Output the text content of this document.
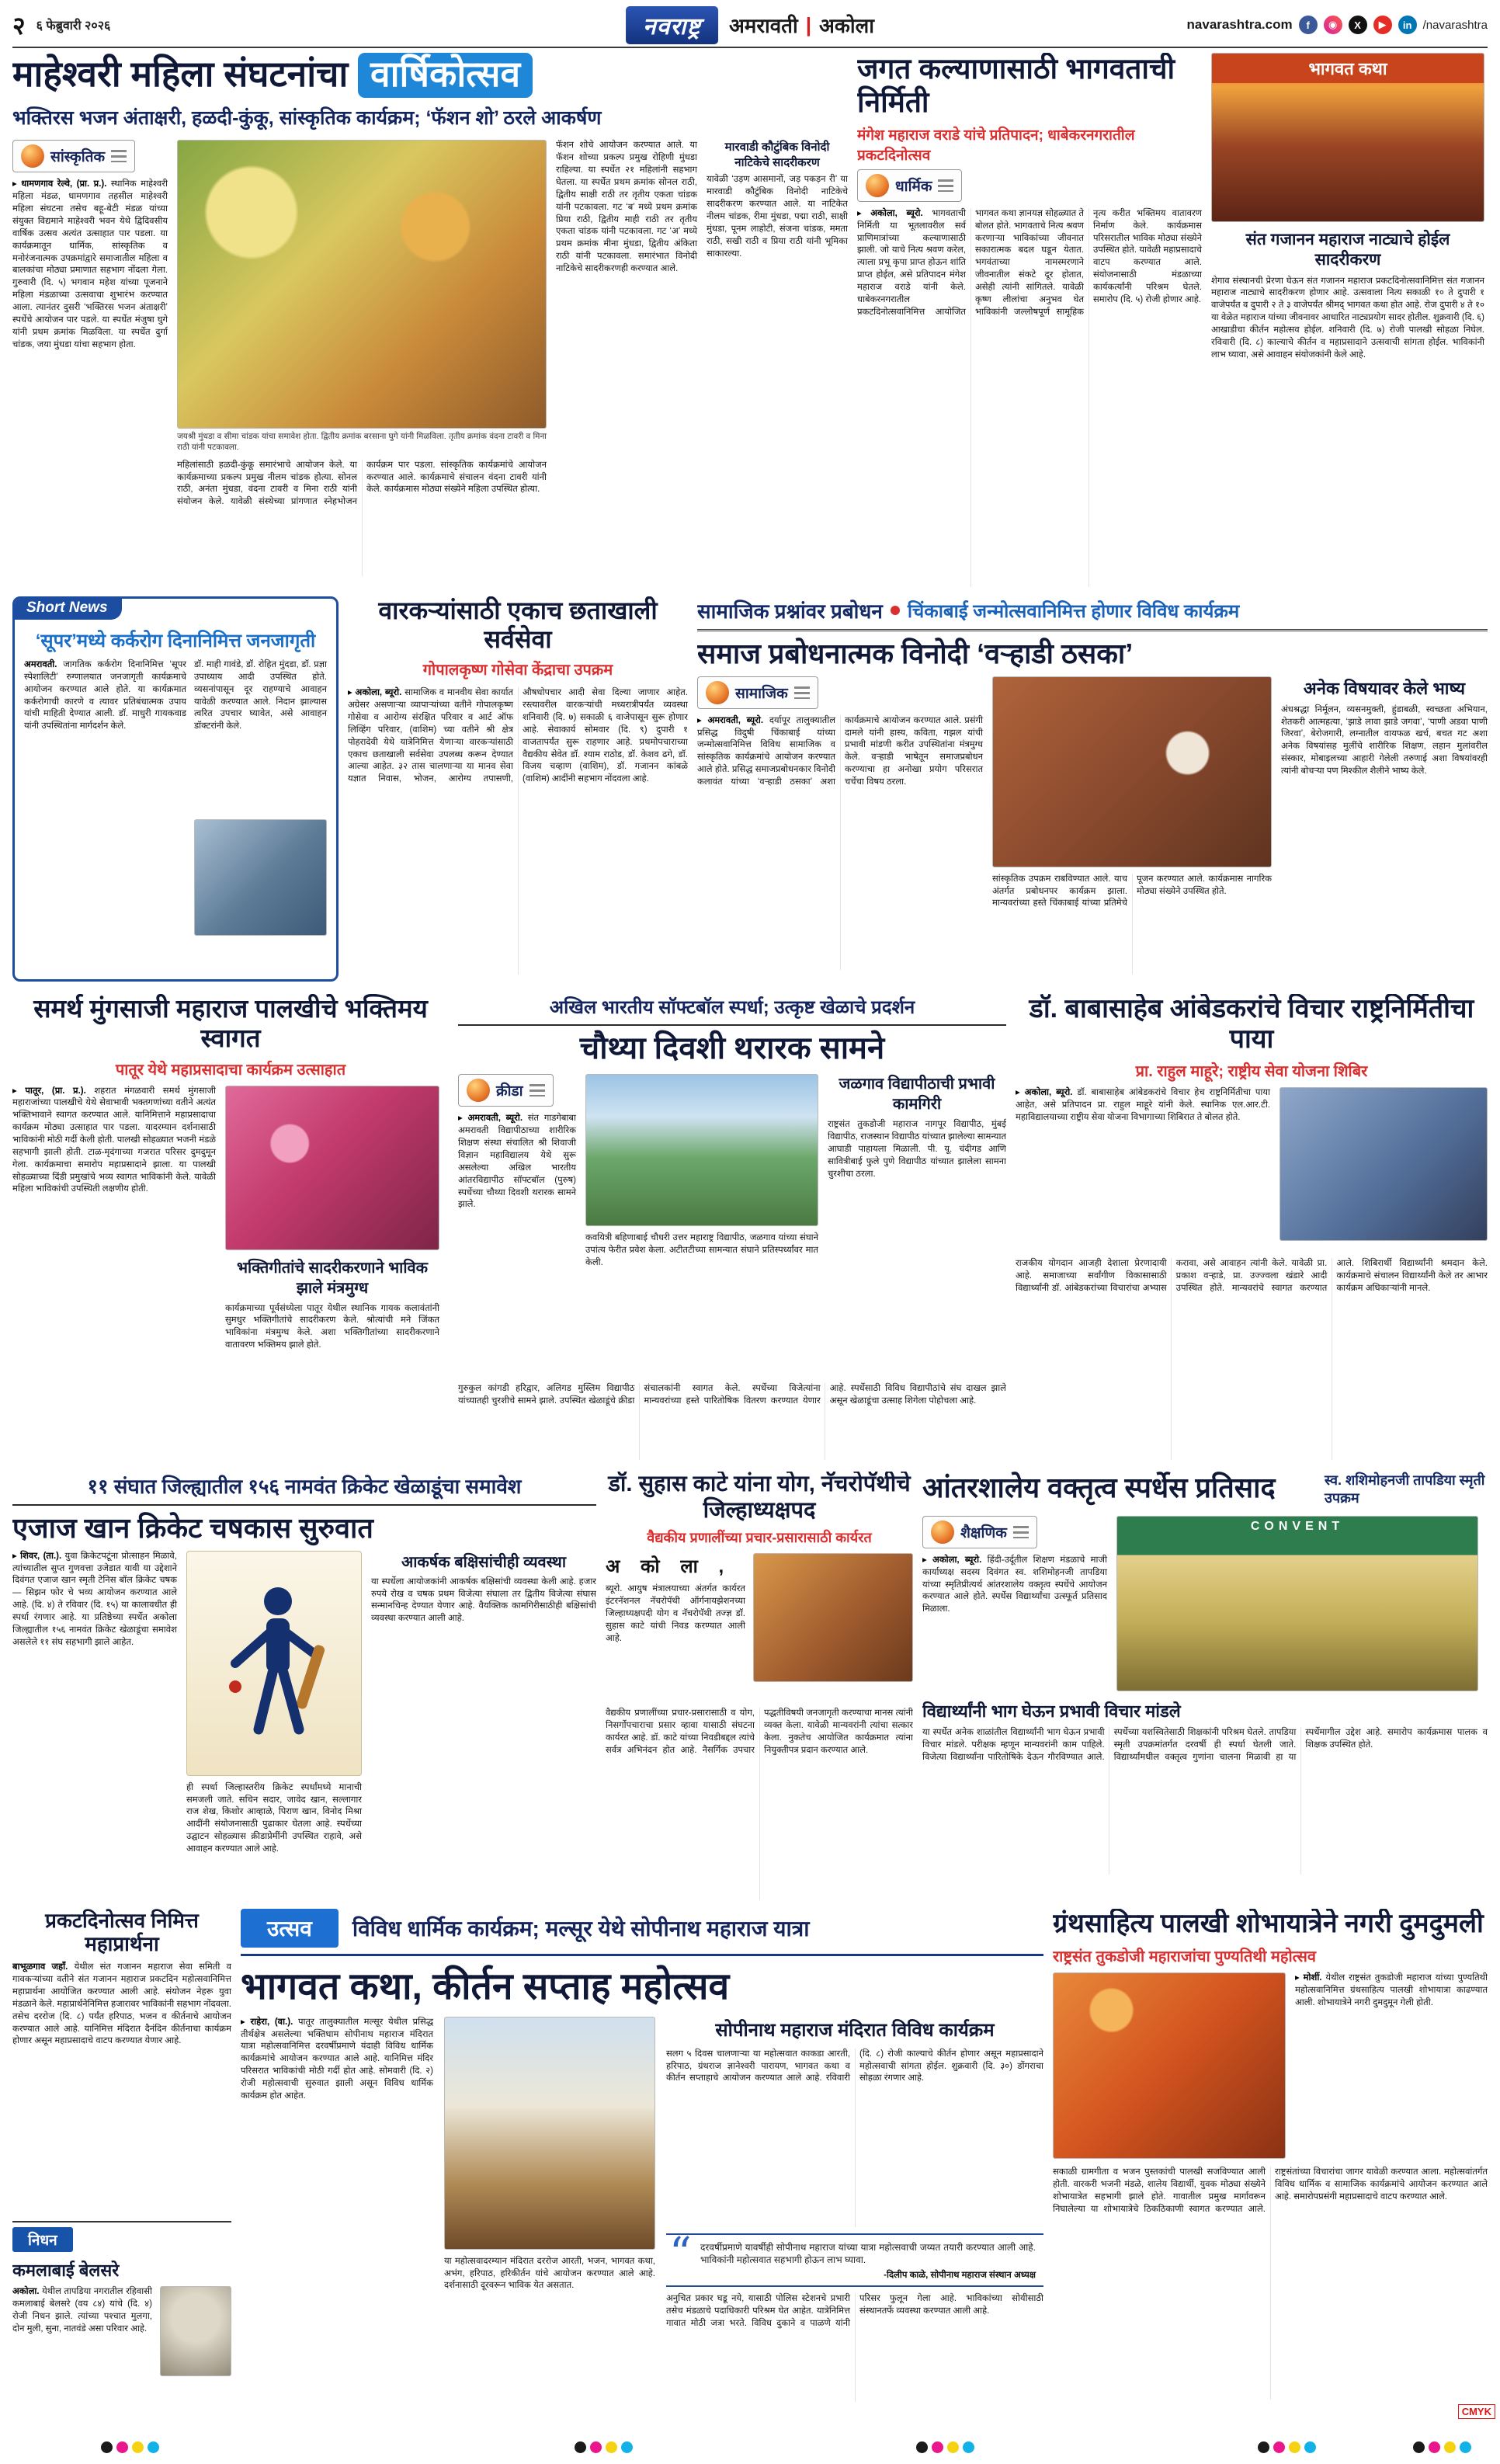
२ ६ फेब्रुवारी २०२६	नवराष्ट्र	अमरावती | अकोला	navarashtra.com	f	◉	X	▶	in /navarashtra
माहेश्वरी महिला संघटनांचा वार्षिकोत्सव
भक्तिरस भजन अंताक्षरी, हळदी-कुंकू, सांस्कृतिक कार्यक्रम; ‘फॅशन शो’ ठरले आकर्षण
सांस्कृतिक

▸ धामणगाव रेल्वे, (प्रा. प्र.). स्थानिक माहेश्वरी महिला मंडळ, धामणगाव तहसील माहेश्वरी महिला संघटना तसेच बहू-बेटी मंडळ यांच्या संयुक्त विद्यमाने माहेश्वरी भवन येथे द्विदिवसीय वार्षिक उत्सव अत्यंत उत्साहात पार पडला. या कार्यक्रमातून धार्मिक, सांस्कृतिक व मनोरंजनात्मक उपक्रमांद्वारे समाजातील महिला व बालकांचा मोठ्या प्रमाणात सहभाग नोंदला गेला. गुरुवारी (दि. ५) भगवान महेश यांच्या पूजनाने महिला मंडळाच्या उत्सवाचा शुभारंभ करण्यात आला. त्यानंतर दुसरी ‘भक्तिरस भजन अंताक्षरी’ स्पर्धेचे आयोजन पार पडले. या स्पर्धेत मंजुषा घुगे यांनी प्रथम क्रमांक मिळविला. या स्पर्धेत दुर्गा चांडक, जया मुंधडा यांचा सहभाग होता.

जयश्री मुंधडा व सीमा चांडक यांचा समावेश होता. द्वितीय क्रमांक बरसाना घुगे यांनी मिळविला. तृतीय क्रमांक वंदना टावरी व मिना राठी यांनी पटकावला.
महिलांसाठी हळदी-कुंकू समारंभाचे आयोजन केले. या कार्यक्रमाच्या प्रकल्प प्रमुख नीलम चांडक होत्या. सोनल राठी, अनंता मुंधडा, वंदना टावरी व मिना राठी यांनी संयोजन केले. यावेळी संस्थेच्या प्रांगणात स्नेहभोजन कार्यक्रम पार पडला. सांस्कृतिक कार्यक्रमांचे आयोजन करण्यात आले. कार्यक्रमाचे संचालन वंदना टावरी यांनी केले. कार्यक्रमास मोठ्या संख्येने महिला उपस्थित होत्या.

फॅशन शोचे आयोजन करण्यात आले. या फॅशन शोच्या प्रकल्प प्रमुख रोहिणी मुंधडा राहिल्या. या स्पर्धेत २१ महिलांनी सहभाग घेतला. या स्पर्धेत प्रथम क्रमांक सोनल राठी, द्वितीय साक्षी राठी तर तृतीय एकता चांडक यांनी पटकावला. गट ‘ब’ मध्ये प्रथम क्रमांक प्रिया राठी, द्वितीय माही राठी तर तृतीय एकता चांडक यांनी पटकावला. गट ‘अ’ मध्ये प्रथम क्रमांक मीना मुंधडा, द्वितीय अंकिता राठी यांनी पटकावला. समारंभात विनोदी नाटिकेचे सादरीकरणही करण्यात आले.

मारवाडी कौटुंबिक विनोदी नाटिकेचे सादरीकरण

यावेळी ‘उड़ण आसमानों, जड़ पकड़न री’ या मारवाडी कौटुंबिक विनोदी नाटिकेचे सादरीकरण करण्यात आले. या नाटिकेत नीलम चांडक, रीमा मुंधडा, पद्मा राठी, साक्षी मुंधडा, पूनम लाहोटी, संजना चांडक, ममता राठी, सखी राठी व प्रिया राठी यांनी भूमिका साकारल्या.

जगत कल्याणासाठी भागवताची निर्मिती
मंगेश महाराज वराडे यांचे प्रतिपादन; धाबेकरनगरातील प्रकटदिनोत्सव
धार्मिक
▸ अकोला, ब्यूरो. भागवताची निर्मिती या भूतलावरील सर्व प्राणिमात्रांच्या कल्याणासाठी झाली. जो याचे नित्य श्रवण करेल, त्याला प्रभू कृपा प्राप्त होऊन शांति प्राप्त होईल, असे प्रतिपादन मंगेश महाराज वराडे यांनी केले. धाबेकरनगरातील प्रकटदिनोत्सवानिमित्त आयोजित भागवत कथा ज्ञानयज्ञ सोहळ्यात ते बोलत होते. भागवताचे नित्य श्रवण करणाऱ्या भाविकांच्या जीवनात सकारात्मक बदल घडून येतात. भगवंताच्या नामस्मरणाने जीवनातील संकटे दूर होतात, असेही त्यांनी सांगितले. यावेळी कृष्ण लीलांचा अनुभव घेत भाविकांनी जल्लोषपूर्ण सामूहिक नृत्य करीत भक्तिमय वातावरण निर्माण केले. कार्यक्रमास परिसरातील भाविक मोठ्या संख्येने उपस्थित होते. यावेळी महाप्रसादाचे वाटप करण्यात आले. संयोजनासाठी मंडळाच्या कार्यकर्त्यांनी परिश्रम घेतले. समारोप (दि. ५) रोजी होणार आहे.
भागवत कथा
संत गजानन महाराज नाट्याचे होईल सादरीकरण

शेगाव संस्थानची प्रेरणा घेऊन संत गजानन महाराज प्रकटदिनोत्सवानिमित्त संत गजानन महाराज नाट्याचे सादरीकरण होणार आहे. उत्सवाला नित्य सकाळी १० ते दुपारी १ वाजेपर्यंत व दुपारी २ ते ३ वाजेपर्यंत श्रीमद् भागवत कथा होत आहे. रोज दुपारी ४ ते १० या वेळेत महाराज यांच्या जीवनावर आधारित नाट्यप्रयोग सादर होतील. शुक्रवारी (दि. ६) आखाडीचा कीर्तन महोत्सव होईल. शनिवारी (दि. ७) रोजी पालखी सोहळा निघेल. रविवारी (दि. ८) काल्याचे कीर्तन व महाप्रसादाने उत्सवाची सांगता होईल. भाविकांनी लाभ घ्यावा, असे आवाहन संयोजकांनी केले आहे.

Short News
‘सूपर’मध्ये कर्करोग दिनानिमित्त जनजागृती

अमरावती. जागतिक कर्करोग दिनानिमित्त ‘सूपर स्पेशालिटी’ रुग्णालयात जनजागृती कार्यक्रमाचे आयोजन करण्यात आले होते. या कार्यक्रमात कर्करोगाची कारणे व त्यावर प्रतिबंधात्मक उपाय यांची माहिती देण्यात आली. डॉ. माधुरी गायकवाड यांनी उपस्थितांना मार्गदर्शन केले.

डॉ. माही गावंडे, डॉ. रोहित मुंदडा, डॉ. प्रज्ञा उपाध्याय आदी उपस्थित होते. व्यसनांपासून दूर राहण्याचे आवाहन यावेळी करण्यात आले. निदान झाल्यास त्वरित उपचार घ्यावेत, असे आवाहन डॉक्टरांनी केले.

वारकऱ्यांसाठी एकाच छताखाली सर्वसेवा
गोपालकृष्ण गोसेवा केंद्राचा उपक्रम
▸ अकोला, ब्यूरो. सामाजिक व मानवीय सेवा कार्यात अग्रेसर असणाऱ्या व्यापाऱ्यांच्या वतीने गोपालकृष्ण गोसेवा व आरोग्य संरक्षित परिवार व आर्ट ऑफ लिव्हिंग परिवार, (वाशिम) च्या वतीने श्री क्षेत्र पोहरादेवी येथे यात्रेनिमित्त येणाऱ्या वारकऱ्यांसाठी एकाच छताखाली सर्वसेवा उपलब्ध करून देण्यात आल्या आहेत. ३२ तास चालणाऱ्या या मानव सेवा यज्ञात निवास, भोजन, आरोग्य तपासणी, औषधोपचार आदी सेवा दिल्या जाणार आहेत. रस्त्यावरील वारकऱ्यांची मध्यरात्रीपर्यंत व्यवस्था शनिवारी (दि. ७) सकाळी ६ वाजेपासून सुरू होणार आहे. सेवाकार्य सोमवार (दि. ९) दुपारी १ वाजतापर्यंत सुरू राहणार आहे. प्रथमोपचाराच्या वैद्यकीय सेवेत डॉ. श्याम राठोड, डॉ. केशव ढगे, डॉ. विजय चव्हाण (वाशिम), डॉ. गजानन कांबळे (वाशिम) आदींनी सहभाग नोंदवला आहे.
सामाजिक प्रश्नांवर प्रबोधन चिंकाबाई जन्मोत्सवानिमित्त होणार विविध कार्यक्रम
समाज प्रबोधनात्मक विनोदी ‘वऱ्हाडी ठसका’
सामाजिक
▸ अमरावती, ब्यूरो. दर्यापूर तालुक्यातील प्रसिद्ध विदुषी चिंकाबाई यांच्या जन्मोत्सवानिमित्त विविध सामाजिक व सांस्कृतिक कार्यक्रमांचे आयोजन करण्यात आले होते. प्रसिद्ध समाजप्रबोधनकार विनोदी कलावंत यांच्या ‘वऱ्हाडी ठसका’ अशा कार्यक्रमाचे आयोजन करण्यात आले. प्रसंगी दामले यांनी हास्य, कविता, गझल यांची प्रभावी मांडणी करीत उपस्थितांना मंत्रमुग्ध केले. वऱ्हाडी भाषेतून समाजप्रबोधन करण्याचा हा अनोखा प्रयोग परिसरात चर्चेचा विषय ठरला.
सांस्कृतिक उपक्रम राबविण्यात आले. याच अंतर्गत प्रबोधनपर कार्यक्रम झाला. मान्यवरांच्या हस्ते चिंकाबाई यांच्या प्रतिमेचे पूजन करण्यात आले. कार्यक्रमास नागरिक मोठ्या संख्येने उपस्थित होते.
अनेक विषयावर केले भाष्य

अंधश्रद्धा निर्मूलन, व्यसनमुक्ती, हुंडाबळी, स्वच्छता अभियान, शेतकरी आत्महत्या, ‘झाडे लावा झाडे जगवा’, ‘पाणी अडवा पाणी जिरवा’, बेरोजगारी, लग्नातील वायफळ खर्च, बचत गट अशा अनेक विषयांसह मुलींचे शारीरिक शिक्षण, लहान मुलांवरील संस्कार, मोबाइलच्या आहारी गेलेली तरुणाई अशा विषयांवरही त्यांनी बोचऱ्या पण मिश्कील शैलीने भाष्य केले.

समर्थ मुंगसाजी महाराज पालखीचे भक्तिमय स्वागत
पातूर येथे महाप्रसादाचा कार्यक्रम उत्साहात

▸ पातूर, (प्रा. प्र.). शहरात मंगळवारी समर्थ मुंगसाजी महाराजांच्या पालखीचे येथे सेवाभावी भक्तगणांच्या वतीने अत्यंत भक्तिभावाने स्वागत करण्यात आले. यानिमित्ताने महाप्रसादाचा कार्यक्रम मोठ्या उत्साहात पार पडला. यादरम्यान दर्शनासाठी भाविकांनी मोठी गर्दी केली होती. पालखी सोहळ्यात भजनी मंडळे सहभागी झाली होती. टाळ-मृदंगाच्या गजरात परिसर दुमदुमून गेला. कार्यक्रमाचा समारोप महाप्रसादाने झाला. या पालखी सोहळ्याच्या दिंडी प्रमुखांचे भव्य स्वागत भाविकांनी केले. यावेळी महिला भाविकांची उपस्थिती लक्षणीय होती.

भक्तिगीतांचे सादरीकरणाने भाविक झाले मंत्रमुग्ध

कार्यक्रमाच्या पूर्वसंध्येला पातूर येथील स्थानिक गायक कलावंतांनी सुमधुर भक्तिगीतांचे सादरीकरण केले. श्रोत्यांची मने जिंकत भाविकांना मंत्रमुग्ध केले. अशा भक्तिगीतांच्या सादरीकरणाने वातावरण भक्तिमय झाले होते.

अखिल भारतीय सॉफ्टबॉल स्पर्धा; उत्कृष्ट खेळाचे प्रदर्शन
चौथ्या दिवशी थरारक सामने
क्रीडा

▸ अमरावती, ब्यूरो. संत गाडगेबाबा अमरावती विद्यापीठाच्या शारीरिक शिक्षण संस्था संचालित श्री शिवाजी विज्ञान महाविद्यालय येथे सुरू असलेल्या अखिल भारतीय आंतरविद्यापीठ सॉफ्टबॉल (पुरुष) स्पर्धेच्या चौथ्या दिवशी थरारक सामने झाले.

कवयित्री बहिणाबाई चौधरी उत्तर महाराष्ट्र विद्यापीठ, जळगाव यांच्या संघाने उपांत्य फेरीत प्रवेश केला. अटीतटीच्या सामन्यात संघाने प्रतिस्पर्ध्यांवर मात केली.
जळगाव विद्यापीठाची प्रभावी कामगिरी

राष्ट्रसंत तुकडोजी महाराज नागपूर विद्यापीठ, मुंबई विद्यापीठ, राजस्थान विद्यापीठ यांच्यात झालेल्या सामन्यात आघाडी पाहायला मिळाली. पी. यू. चंदीगड आणि सावित्रीबाई फुले पुणे विद्यापीठ यांच्यात झालेला सामना चुरशीचा ठरला.

गुरुकुल कांगडी हरिद्वार, अलिगड मुस्लिम विद्यापीठ यांच्यातही चुरशीचे सामने झाले. उपस्थित खेळाडूंचे क्रीडा संचालकांनी स्वागत केले. स्पर्धेच्या विजेत्यांना मान्यवरांच्या हस्ते पारितोषिक वितरण करण्यात येणार आहे. स्पर्धेसाठी विविध विद्यापीठांचे संघ दाखल झाले असून खेळाडूंचा उत्साह शिगेला पोहोचला आहे.
डॉ. बाबासाहेब आंबेडकरांचे विचार राष्ट्रनिर्मितीचा पाया
प्रा. राहुल माहूरे; राष्ट्रीय सेवा योजना शिबिर

▸ अकोला, ब्यूरो. डॉ. बाबासाहेब आंबेडकरांचे विचार हेच राष्ट्रनिर्मितीचा पाया आहेत, असे प्रतिपादन प्रा. राहुल माहूरे यांनी केले. स्थानिक एल.आर.टी. महाविद्यालयाच्या राष्ट्रीय सेवा योजना विभागाच्या शिबिरात ते बोलत होते.

राजकीय योगदान आजही देशाला प्रेरणादायी आहे. समाजाच्या सर्वांगीण विकासासाठी विद्यार्थ्यांनी डॉ. आंबेडकरांच्या विचारांचा अभ्यास करावा, असे आवाहन त्यांनी केले. यावेळी प्रा. प्रकाश वऱ्हाडे, प्रा. उज्ज्वला खंडारे आदी उपस्थित होते. मान्यवरांचे स्वागत करण्यात आले. शिबिरार्थी विद्यार्थ्यांनी श्रमदान केले. कार्यक्रमाचे संचालन विद्यार्थ्यांनी केले तर आभार कार्यक्रम अधिकाऱ्यांनी मानले.
११ संघात जिल्ह्यातील १५६ नामवंत क्रिकेट खेळाडूंचा समावेश
एजाज खान क्रिकेट चषकास सुरुवात

▸ शिवर, (ता.). युवा क्रिकेटपटूंना प्रोत्साहन मिळावे, त्यांच्यातील सुप्त गुणवत्ता उजेडात यावी या उद्देशाने दिवंगत एजाज खान स्मृती टेनिस बॉल क्रिकेट चषक — सिझन फोर चे भव्य आयोजन करण्यात आले आहे. (दि. ४) ते रविवार (दि. १५) या कालावधीत ही स्पर्धा रंगणार आहे. या प्रतिष्ठेच्या स्पर्धेत अकोला जिल्ह्यातील १५६ नामवंत क्रिकेट खेळाडूंचा समावेश असलेले ११ संघ सहभागी झाले आहेत.

ही स्पर्धा जिल्हास्तरीय क्रिकेट स्पर्धांमध्ये मानाची समजली जाते. सचिन सदार, जावेद खान, सल्लागार राज शेख, किशोर आव्हाळे, पिराण खान, विनोद मिश्रा आदींनी संयोजनासाठी पुढाकार घेतला आहे. स्पर्धेच्या उद्घाटन सोहळ्यास क्रीडाप्रेमींनी उपस्थित राहावे, असे आवाहन करण्यात आले आहे.
आकर्षक बक्षिसांचीही व्यवस्था

या स्पर्धेला आयोजकांनी आकर्षक बक्षिसांची व्यवस्था केली आहे. हजार रुपये रोख व चषक प्रथम विजेत्या संघाला तर द्वितीय विजेत्या संघास सन्मानचिन्ह देण्यात येणार आहे. वैयक्तिक कामगिरीसाठीही बक्षिसांची व्यवस्था करण्यात आली आहे.

डॉ. सुहास काटे यांना योग, नॅचरोपॅथीचे जिल्हाध्यक्षपद
वैद्यकीय प्रणालींच्या प्रचार-प्रसारासाठी कार्यरत
अ को ला ,

ब्यूरो. आयुष मंत्रालयाच्या अंतर्गत कार्यरत इंटरनॅशनल नॅचरोपॅथी ऑर्गनायझेशनच्या जिल्हाध्यक्षपदी योग व नॅचरोपॅथी तज्ज्ञ डॉ. सुहास काटे यांची निवड करण्यात आली आहे.

वैद्यकीय प्रणालींच्या प्रचार-प्रसारासाठी व योग, निसर्गोपचाराचा प्रसार व्हावा यासाठी संघटना कार्यरत आहे. डॉ. काटे यांच्या निवडीबद्दल त्यांचे सर्वत्र अभिनंदन होत आहे. नैसर्गिक उपचार पद्धतीविषयी जनजागृती करण्याचा मानस त्यांनी व्यक्त केला. यावेळी मान्यवरांनी त्यांचा सत्कार केला. नुकतेच आयोजित कार्यक्रमात त्यांना नियुक्तीपत्र प्रदान करण्यात आले.
आंतरशालेय वक्तृत्व स्पर्धेस प्रतिसाद	स्व. शशिमोहनजी तापडिया स्मृती उपक्रम
शैक्षणिक

▸ अकोला, ब्यूरो. हिंदी-उर्दूतील शिक्षण मंडळाचे माजी कार्याध्यक्ष सदस्य दिवंगत स्व. शशिमोहनजी तापडिया यांच्या स्मृतिप्रीत्यर्थ आंतरशालेय वक्तृत्व स्पर्धेचे आयोजन करण्यात आले होते. स्पर्धेस विद्यार्थ्यांचा उत्स्फूर्त प्रतिसाद मिळाला.

CONVENT
विद्यार्थ्यांनी भाग घेऊन प्रभावी विचार मांडले
या स्पर्धेत अनेक शाळांतील विद्यार्थ्यांनी भाग घेऊन प्रभावी विचार मांडले. परीक्षक म्हणून मान्यवरांनी काम पाहिले. विजेत्या विद्यार्थ्यांना पारितोषिके देऊन गौरविण्यात आले. स्पर्धेच्या यशस्वितेसाठी शिक्षकांनी परिश्रम घेतले. तापडिया स्मृती उपक्रमांतर्गत दरवर्षी ही स्पर्धा घेतली जाते. विद्यार्थ्यांमधील वक्तृत्व गुणांना चालना मिळावी हा या स्पर्धेमागील उद्देश आहे. समारोप कार्यक्रमास पालक व शिक्षक उपस्थित होते.
प्रकटदिनोत्सव निमित्त महाप्रार्थना

बाभूळगाव जहॉं. येथील संत गजानन महाराज सेवा समिती व गावकऱ्यांच्या वतीने संत गजानन महाराज प्रकटदिन महोत्सवानिमित्त महाप्रार्थना आयोजित करण्यात आली आहे. संयोजन नेहरू युवा मंडळाने केले. महाप्रार्थनेनिमित्त हजारावर भाविकांनी सहभाग नोंदवला. तसेच दररोज (दि. ८) पर्यंत हरिपाठ, भजन व कीर्तनाचे आयोजन करण्यात आले आहे. यानिमित्त मंदिरात दैनंदिन कीर्तनाचा कार्यक्रम होणार असून महाप्रसादाचे वाटप करण्यात येणार आहे.

निधन
कमलाबाई बेलसरे

अकोला. येथील तापडिया नगरातील रहिवासी कमलाबाई बेलसरे (वय ८४) यांचे (दि. ४) रोजी निधन झाले. त्यांच्या पश्चात मुलगा, दोन मुली, सुना, नातवंडे असा परिवार आहे.

उत्सव	विविध धार्मिक कार्यक्रम; मल्सूर येथे सोपीनाथ महाराज यात्रा
भागवत कथा, कीर्तन सप्ताह महोत्सव

▸ राहेरा, (वा.). पातूर तालुक्यातील मल्सूर येथील प्रसिद्ध तीर्थक्षेत्र असलेल्या भक्तिधाम सोपीनाथ महाराज मंदिरात यात्रा महोत्सवानिमित्त दरवर्षीप्रमाणे यंदाही विविध धार्मिक कार्यक्रमांचे आयोजन करण्यात आले आहे. यानिमित्त मंदिर परिसरात भाविकांची मोठी गर्दी होत आहे. सोमवारी (दि. २) रोजी महोत्सवाची सुरुवात झाली असून विविध धार्मिक कार्यक्रम होत आहेत.

या महोत्सवादरम्यान मंदिरात दररोज आरती, भजन, भागवत कथा, अभंग, हरिपाठ, हरिकीर्तन यांचे आयोजन करण्यात आले आहे. दर्शनासाठी दूरवरून भाविक येत असतात.
सोपीनाथ महाराज मंदिरात विविध कार्यक्रम
सलग ५ दिवस चालणाऱ्या या महोत्सवात काकडा आरती, हरिपाठ, ग्रंथराज ज्ञानेश्वरी पारायण, भागवत कथा व कीर्तन सप्ताहाचे आयोजन करण्यात आले आहे. रविवारी (दि. ८) रोजी काल्याचे कीर्तन होणार असून महाप्रसादाने महोत्सवाची सांगता होईल. शुक्रवारी (दि. ३०) डोंगराचा सोहळा रंगणार आहे.
“ दरवर्षीप्रमाणे यावर्षीही सोपीनाथ महाराज यांच्या यात्रा महोत्सवाची जय्यत तयारी करण्यात आली आहे. भाविकांनी महोत्सवात सहभागी होऊन लाभ घ्यावा.
-दिलीप काळे, सोपीनाथ महाराज संस्थान अध्यक्ष
अनुचित प्रकार घडू नये, यासाठी पोलिस स्टेशनचे प्रभारी तसेच मंडळाचे पदाधिकारी परिश्रम घेत आहेत. यात्रेनिमित्त गावात मोठी जत्रा भरते. विविध दुकाने व पाळणे यांनी परिसर फुलून गेला आहे. भाविकांच्या सोयीसाठी संस्थानतर्फे व्यवस्था करण्यात आली आहे.
ग्रंथसाहित्य पालखी शोभायात्रेने नगरी दुमदुमली
राष्ट्रसंत तुकडोजी महाराजांचा पुण्यतिथी महोत्सव

▸ मोर्शी. येथील राष्ट्रसंत तुकडोजी महाराज यांच्या पुण्यतिथी महोत्सवानिमित्त ग्रंथसाहित्य पालखी शोभायात्रा काढण्यात आली. शोभायात्रेने नगरी दुमदुमून गेली होती.

सकाळी ग्रामगीता व भजन पुस्तकांची पालखी सजविण्यात आली होती. वारकरी भजनी मंडळे, शालेय विद्यार्थी, युवक मोठ्या संख्येने शोभायात्रेत सहभागी झाले होते. गावातील प्रमुख मार्गावरून निघालेल्या या शोभायात्रेचे ठिकठिकाणी स्वागत करण्यात आले. राष्ट्रसंतांच्या विचारांचा जागर यावेळी करण्यात आला. महोत्सवांतर्गत विविध धार्मिक व सामाजिक कार्यक्रमांचे आयोजन करण्यात आले आहे. समारोपप्रसंगी महाप्रसादाचे वाटप करण्यात आले.
CMYK
